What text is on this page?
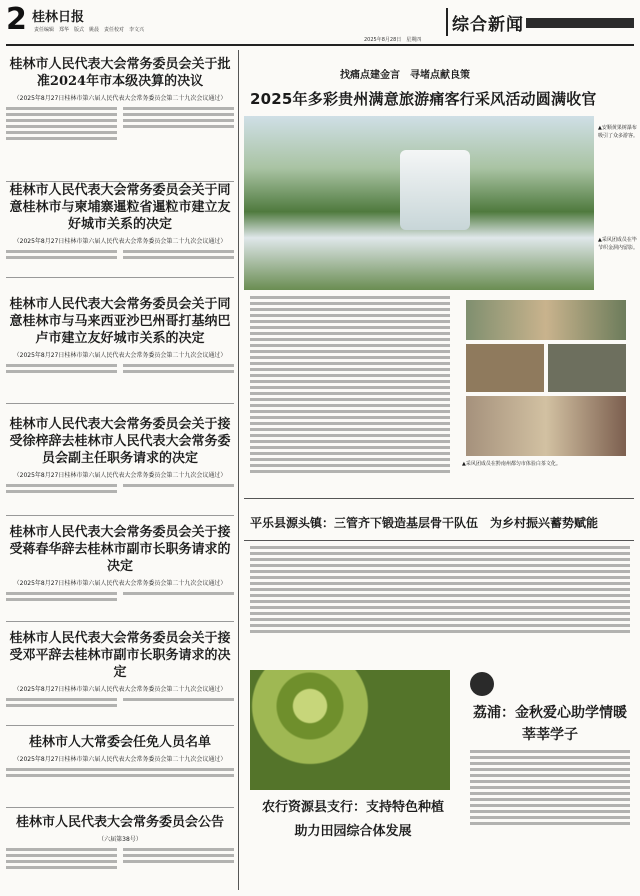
2 桂林日报
责任编辑　郑华　版式　姚晨　责任校对　李文兴
2025年8月28日　星期四
综合新闻
桂林市人民代表大会常务委员会关于批准2024年市本级决算的决议
（2025年8月27日桂林市第六届人民代表大会常务委员会第二十九次会议通过）
桂林市人民代表大会常务委员会关于同意桂林市与柬埔寨暹粒省暹粒市建立友好城市关系的决定
（2025年8月27日桂林市第六届人民代表大会常务委员会第二十九次会议通过）
桂林市人民代表大会常务委员会关于同意桂林市与马来西亚沙巴州哥打基纳巴卢市建立友好城市关系的决定
（2025年8月27日桂林市第六届人民代表大会常务委员会第二十九次会议通过）
桂林市人民代表大会常务委员会关于接受徐梓辞去桂林市人民代表大会常务委员会副主任职务请求的决定
（2025年8月27日桂林市第六届人民代表大会常务委员会第二十九次会议通过）
桂林市人民代表大会常务委员会关于接受蒋春华辞去桂林市副市长职务请求的决定
（2025年8月27日桂林市第六届人民代表大会常务委员会第二十九次会议通过）
桂林市人民代表大会常务委员会关于接受邓平辞去桂林市副市长职务请求的决定
（2025年8月27日桂林市第六届人民代表大会常务委员会第二十九次会议通过）
桂林市人大常委会任免人员名单
（2025年8月27日桂林市第六届人民代表大会常务委员会第二十九次会议通过）
桂林市人民代表大会常务委员会公告
（六届第38号）
找痛点建金言　寻堵点献良策
2025年多彩贵州满意旅游痛客行采风活动圆满收官
▲安顺黄果树瀑布吸引了众多游客。
▲采风团成员在毕节织金洞内留影。
▲采风团成员在黔南州都匀市体验白茶文化。
平乐县源头镇：三管齐下锻造基层骨干队伍　为乡村振兴蓄势赋能
农行资源县支行：支持特色种植助力田园综合体发展
荔浦：金秋爱心助学情暖莘莘学子
